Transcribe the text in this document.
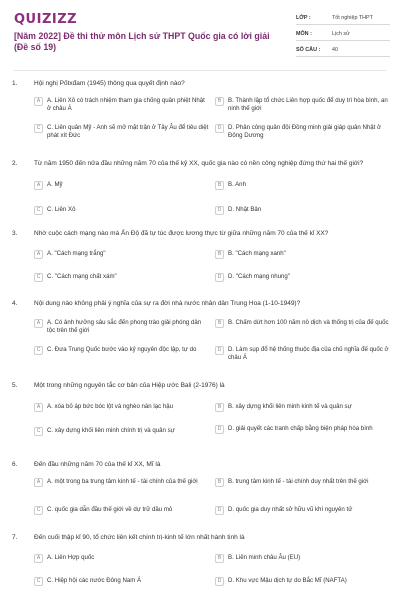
QUIZIZZ
[Năm 2022] Đề thi thử môn Lịch sử THPT Quốc gia có lời giải (Đề số 19)
LỚP :	Tốt nghiệp THPT
MÔN :	Lịch sử
SỐ CÂU :	40
1.	Hội nghị Pốtxđam (1945) thông qua quyết định nào?
A	A. Liên Xô có trách nhiệm tham gia chống quân phiệt Nhật ở châu Á
B	B. Thành lập tổ chức Liên hợp quốc để duy trì hòa bình, an ninh thế giới
C	C. Liên quân Mỹ - Anh sẽ mở mặt trận ở Tây Âu để tiêu diệt phát xít Đức
D	D. Phân công quân đội Đồng minh giải giáp quân Nhật ở Đông Dương
2.	Từ năm 1950 đến nửa đầu những năm 70 của thế kỷ XX, quốc gia nào có nền công nghiệp đứng thứ hai thế giới?
A	A. Mỹ	B	B. Anh
C	C. Liên Xô	D	D. Nhật Bản
3.	Nhờ cuộc cách mạng nào mà Ấn Độ đã tự túc được lương thực từ giữa những năm 70 của thế kỉ XX?
A	A. "Cách mạng trắng"	B	B. "Cách mạng xanh"
C	C. "Cách mạng chất xám"	D	D. "Cách mạng nhung"
4.	Nội dung nào không phải ý nghĩa của sự ra đời nhà nước nhân dân Trung Hoa (1-10-1949)?
A	A. Có ảnh hưởng sâu sắc đến phong trào giải phóng dân tộc trên thế giới
B	B. Chấm dứt hơn 100 năm nô dịch và thống trị của đế quốc
C	C. Đưa Trung Quốc bước vào kỷ nguyên độc lập, tự do	D	D. Làm sụp đổ hệ thống thuộc địa của chủ nghĩa đế quốc ở châu Á
5.	Một trong những nguyên tắc cơ bản của Hiệp ước Bali (2-1976) là
A	A. xóa bỏ áp bức bóc lột và nghèo nàn lạc hậu	B	B. xây dựng khối liên minh kinh tế và quân sự
C	C. xây dựng khối liên minh chính trị và quân sự	D	D. giải quyết các tranh chấp bằng biện pháp hòa bình
6.	Đến đầu những năm 70 của thế kỉ XX, Mĩ là
A	A. một trong ba trung tâm kinh tế - tài chính của thế giới	B	B. trung tâm kinh tế - tài chính duy nhất trên thế giới
C	C. quốc gia dẫn đầu thế giới về dự trữ dầu mỏ	D	D. quốc gia duy nhất sở hữu vũ khí nguyên tử
7.	Đến cuối thập kỉ 90, tổ chức liên kết chính trị-kinh tế lớn nhất hành tinh là
A	A. Liên Hợp quốc	B	B. Liên minh châu Âu (EU)
C	C. Hiệp hội các nước Đông Nam Á	D	D. Khu vực Mậu dịch tự do Bắc Mĩ (NAFTA)
